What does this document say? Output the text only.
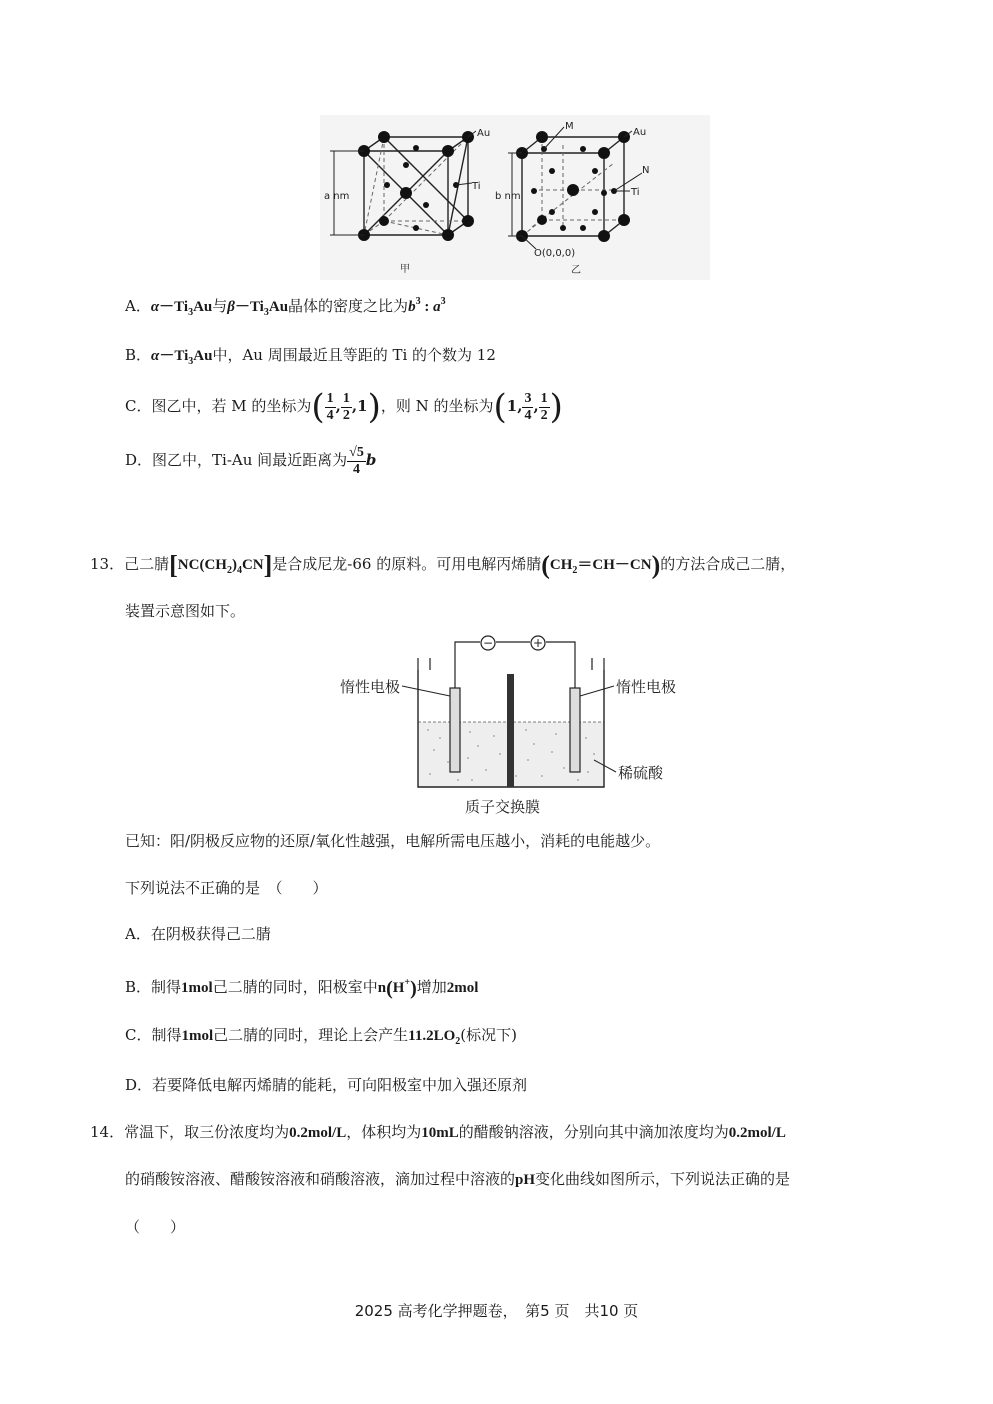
a nm
Au
Ti
甲
b nm
M
Au
N
Ti
O(0,0,0)
乙
A．$\alpha-Ti_3Au$与$\beta-Ti_3Au$晶体的密度之比为$b^3$ : $a^3$
B．$\alpha-Ti_3Au$中，Au 周围最近且等距的 Ti 的个数为 12
C．图乙中，若 M 的坐标为( $\frac{1}{4}$ , $\frac{1}{2} ,1$)，则 N 的坐标为(1, $\frac{3}{4}$ , $\frac{1}{2}$ )
D．图乙中，Ti-Au 间最近距离为 $\frac{√5}{4}$ b
13．己二腈$[NC(CH_2)_4CN]$是合成尼龙-66 的原料。可用电解丙烯腈$(CH_2=CH-CN)$的方法合成己二腈，
装置示意图如下。
−	+
惰性电极	惰性电极
稀硫酸
质子交换膜
已知：阳/阴极反应物的还原/氧化性越强，电解所需电压越小，消耗的电能越少。
下列说法不正确的是　（　　）
A．在阴极获得己二腈
B．制得1mol己二腈的同时，阳极室中n(H+)增加2mol
C．制得1mol己二腈的同时，理论上会产生$11.2LO_2$(标况下)
D．若要降低电解丙烯腈的能耗，可向阳极室中加入强还原剂
14．常温下，取三份浓度均为0.2mol/L，体积均为10mL的醋酸钠溶液，分别向其中滴加浓度均为0.2mol/L
的硝酸铵溶液、醋酸铵溶液和硝酸溶液，滴加过程中溶液的pH变化曲线如图所示，下列说法正确的是
（　　）
2025 高考化学押题卷，　第5 页　共10 页
